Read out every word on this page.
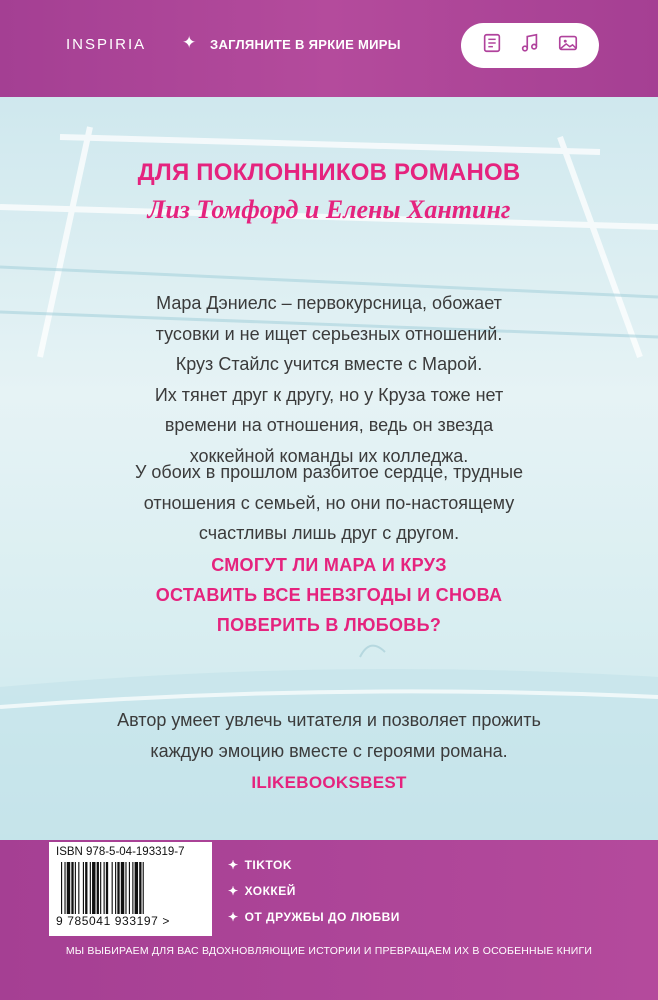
INSPIRIA ✦ ЗАГЛЯНИТЕ В ЯРКИЕ МИРЫ
ДЛЯ ПОКЛОННИКОВ РОМАНОВ
Лиз Томфорд и Елены Хантинг
Мара Дэниелс – первокурсница, обожает
тусовки и не ищет серьезных отношений.
Круз Стайлс учится вместе с Марой.
Их тянет друг к другу, но у Круза тоже нет
времени на отношения, ведь он звезда
хоккейной команды их колледжа.
У обоих в прошлом разбитое сердце, трудные
отношения с семьей, но они по-настоящему
счастливы лишь друг с другом.
СМОГУТ ЛИ МАРА И КРУЗ
ОСТАВИТЬ ВСЕ НЕВЗГОДЫ И СНОВА
ПОВЕРИТЬ В ЛЮБОВЬ?
Автор умеет увлечь читателя и позволяет прожить
каждую эмоцию вместе с героями романа.
ILIKEBOOKSBEST
ISBN 978-5-04-193319-7
9 785041 933197 >
✦ TIKTOK
✦ ХОККЕЙ
✦ ОТ ДРУЖБЫ ДО ЛЮБВИ
МЫ ВЫБИРАЕМ ДЛЯ ВАС ВДОХНОВЛЯЮЩИЕ ИСТОРИИ И ПРЕВРАЩАЕМ ИХ В ОСОБЕННЫЕ КНИГИ
